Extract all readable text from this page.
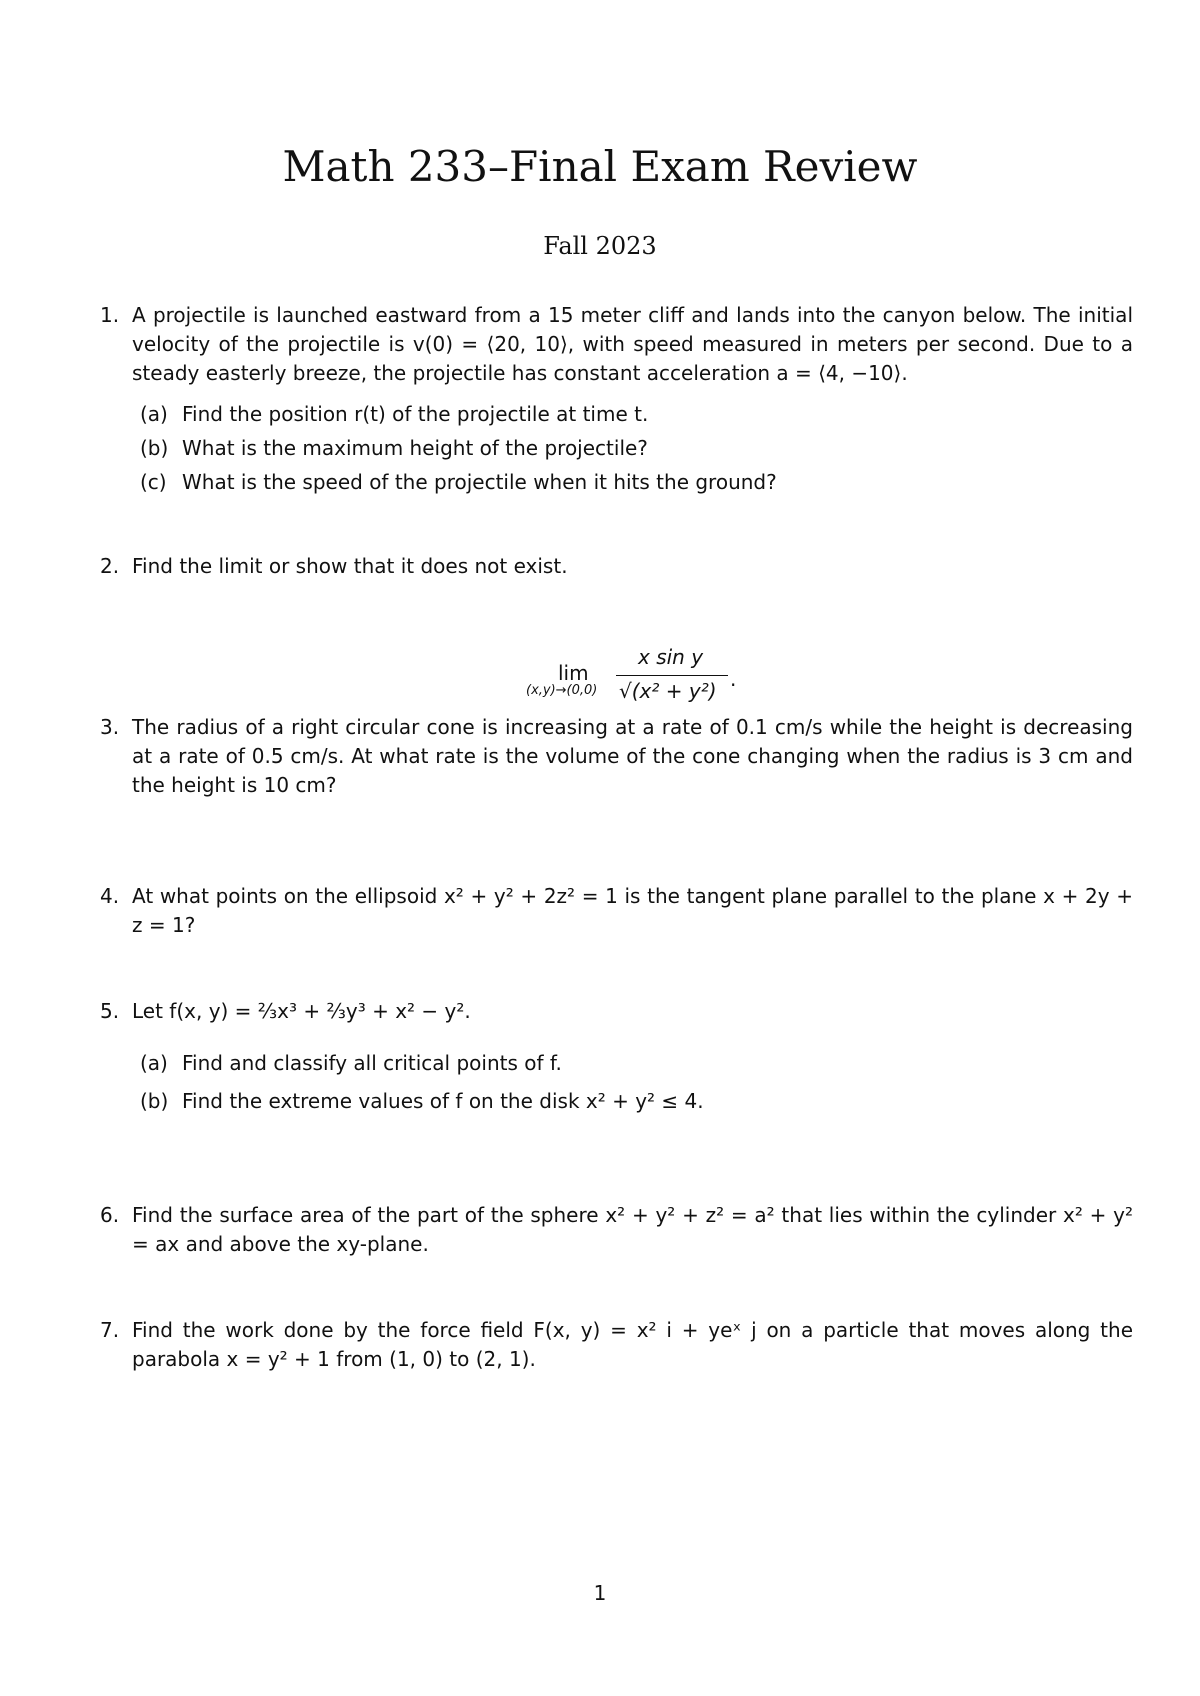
Math 233–Final Exam Review
Fall 2023
1. A projectile is launched eastward from a 15 meter cliff and lands into the canyon below. The initial velocity of the projectile is v(0) = ⟨20, 10⟩, with speed measured in meters per second. Due to a steady easterly breeze, the projectile has constant acceleration a = ⟨4, −10⟩.
(a) Find the position r(t) of the projectile at time t.
(b) What is the maximum height of the projectile?
(c) What is the speed of the projectile when it hits the ground?
2. Find the limit or show that it does not exist.
lim
(x,y)→(0,0)
x sin y
√(x² + y²) .
3. The radius of a right circular cone is increasing at a rate of 0.1 cm/s while the height is decreasing at a rate of 0.5 cm/s. At what rate is the volume of the cone changing when the radius is 3 cm and the height is 10 cm?
4. At what points on the ellipsoid x² + y² + 2z² = 1 is the tangent plane parallel to the plane x + 2y + z = 1?
5. Let f(x, y) = ⅔x³ + ⅔y³ + x² − y².
(a) Find and classify all critical points of f.
(b) Find the extreme values of f on the disk x² + y² ≤ 4.
6. Find the surface area of the part of the sphere x² + y² + z² = a² that lies within the cylinder x² + y² = ax and above the xy-plane.
7. Find the work done by the force field F(x, y) = x² i + yeˣ j on a particle that moves along the parabola x = y² + 1 from (1, 0) to (2, 1).
1
